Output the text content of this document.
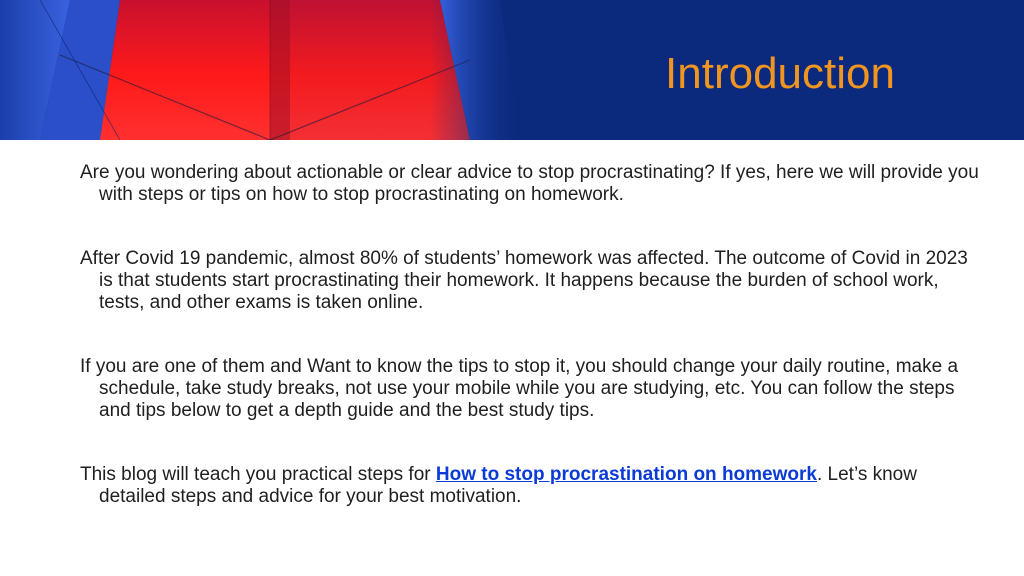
Introduction

Are you wondering about actionable or clear advice to stop procrastinating? If yes, here we will provide you with steps or tips on how to stop procrastinating on homework.

After Covid 19 pandemic, almost 80% of students’ homework was affected. The outcome of Covid in 2023 is that students start procrastinating their homework. It happens because the burden of school work, tests, and other exams is taken online.

If you are one of them and Want to know the tips to stop it, you should change your daily routine, make a schedule, take study breaks, not use your mobile while you are studying, etc. You can follow the steps and tips below to get a depth guide and the best study tips.

This blog will teach you practical steps for How to stop procrastination on homework. Let’s know detailed steps and advice for your best motivation.
